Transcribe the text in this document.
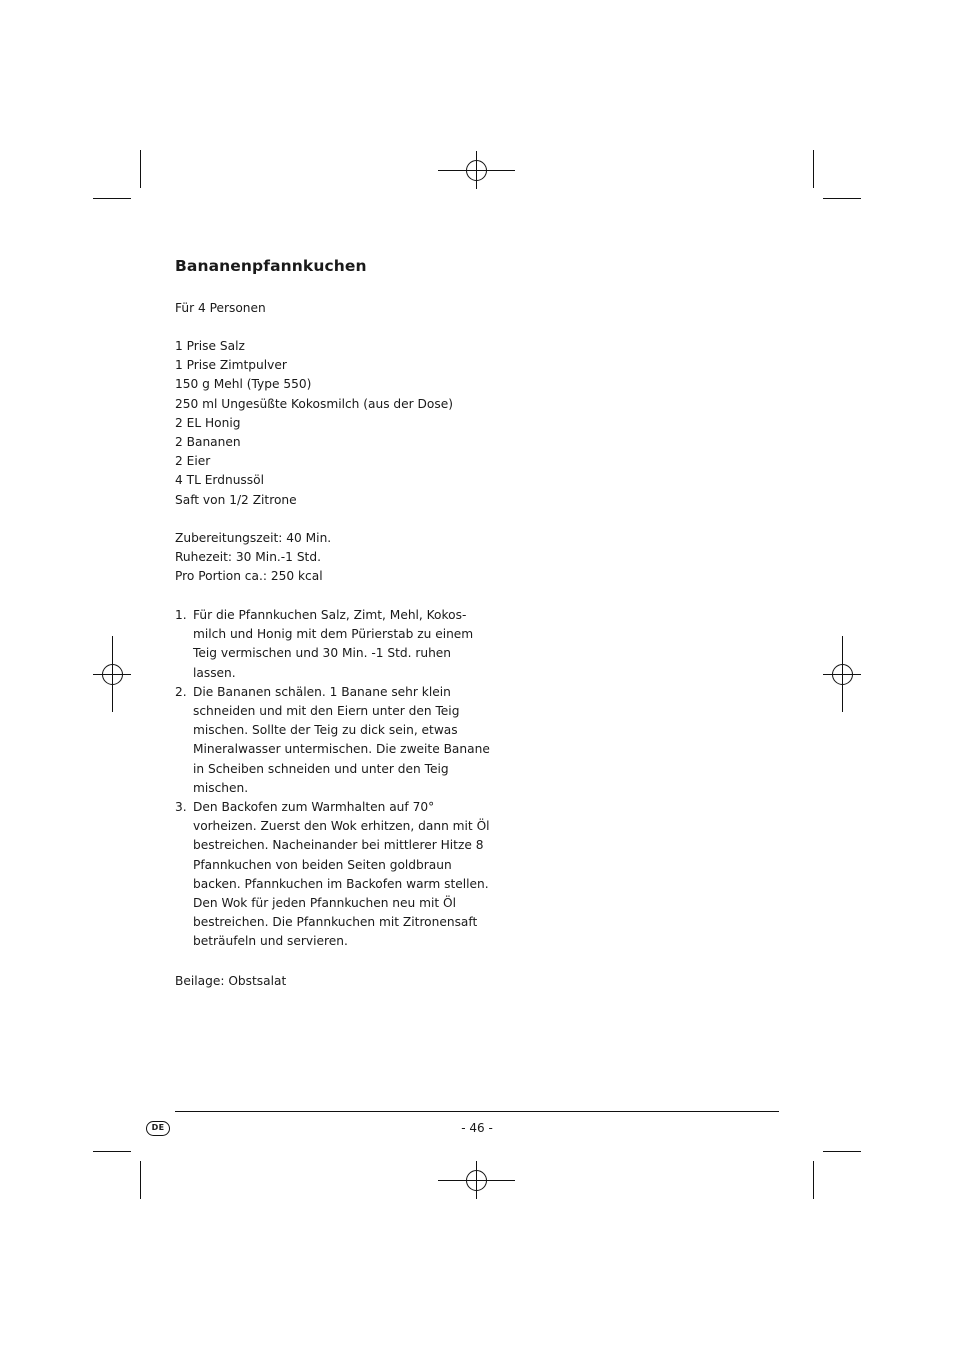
Bananenpfannkuchen

Für 4 Personen

1 Prise Salz
1 Prise Zimtpulver
150 g Mehl (Type 550)
250 ml Ungesüßte Kokosmilch (aus der Dose)
2 EL Honig
2 Bananen
2 Eier
4 TL Erdnussöl
Saft von 1/2 Zitrone
Zubereitungszeit: 40 Min.
Ruhezeit: 30 Min.-1 Std.
Pro Portion ca.: 250 kcal
1. Für die Pfannkuchen Salz, Zimt, Mehl, Kokos-
milch und Honig mit dem Pürierstab zu einem
Teig vermischen und 30 Min. -1 Std. ruhen
lassen.
2. Die Bananen schälen. 1 Banane sehr klein
schneiden und mit den Eiern unter den Teig
mischen. Sollte der Teig zu dick sein, etwas
Mineralwasser untermischen. Die zweite Banane
in Scheiben schneiden und unter den Teig
mischen.
3. Den Backofen zum Warmhalten auf 70°
vorheizen. Zuerst den Wok erhitzen, dann mit Öl
bestreichen. Nacheinander bei mittlerer Hitze 8
Pfannkuchen von beiden Seiten goldbraun
backen. Pfannkuchen im Backofen warm stellen.
Den Wok für jeden Pfannkuchen neu mit Öl
bestreichen. Die Pfannkuchen mit Zitronensaft
beträufeln und servieren.

Beilage: Obstsalat

DE	- 46 -
